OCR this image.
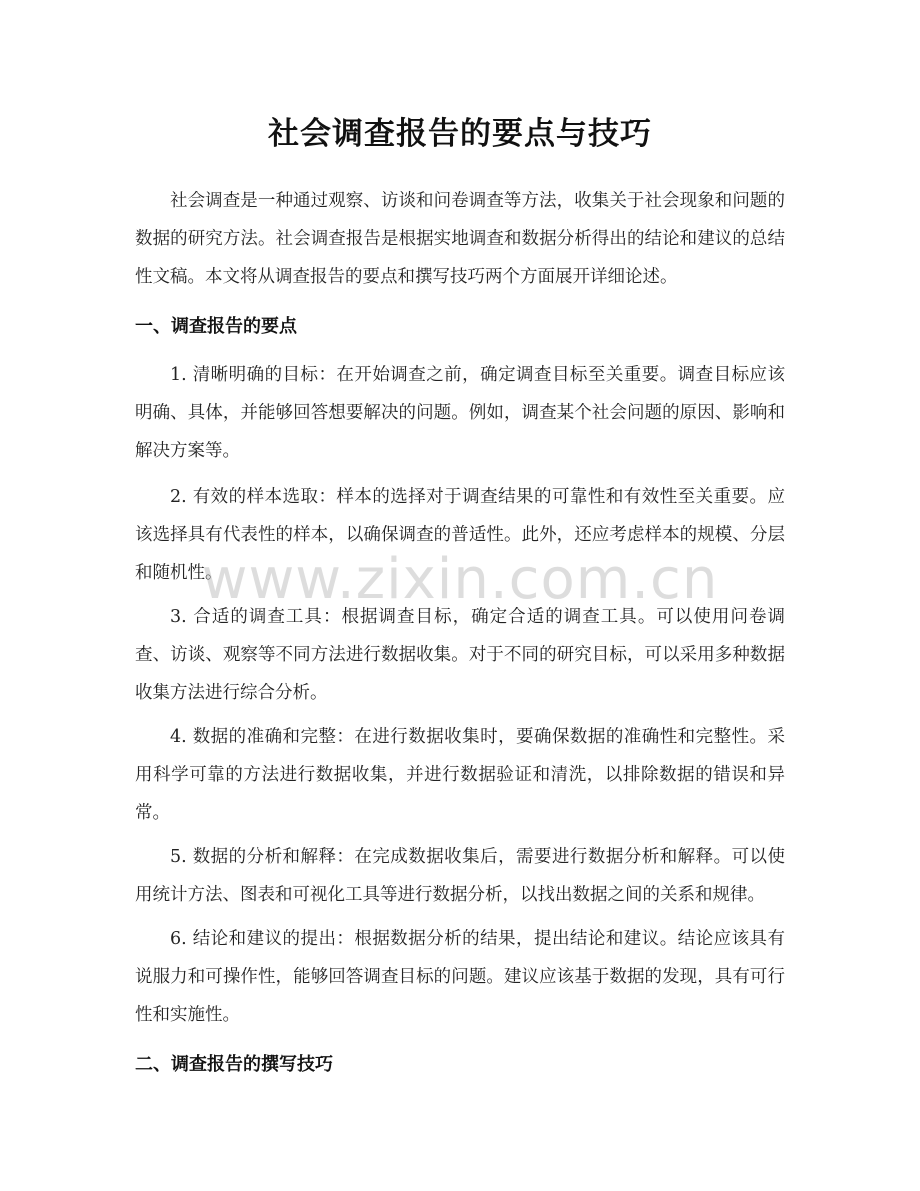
社会调查报告的要点与技巧

社会调查是一种通过观察、访谈和问卷调查等方法，收集关于社会现象和问题的数据的研究方法。社会调查报告是根据实地调查和数据分析得出的结论和建议的总结性文稿。本文将从调查报告的要点和撰写技巧两个方面展开详细论述。

一、调查报告的要点

1. 清晰明确的目标：在开始调查之前，确定调查目标至关重要。调查目标应该明确、具体，并能够回答想要解决的问题。例如，调查某个社会问题的原因、影响和解决方案等。

2. 有效的样本选取：样本的选择对于调查结果的可靠性和有效性至关重要。应该选择具有代表性的样本，以确保调查的普适性。此外，还应考虑样本的规模、分层和随机性。

3. 合适的调查工具：根据调查目标，确定合适的调查工具。可以使用问卷调查、访谈、观察等不同方法进行数据收集。对于不同的研究目标，可以采用多种数据收集方法进行综合分析。

4. 数据的准确和完整：在进行数据收集时，要确保数据的准确性和完整性。采用科学可靠的方法进行数据收集，并进行数据验证和清洗，以排除数据的错误和异常。

5. 数据的分析和解释：在完成数据收集后，需要进行数据分析和解释。可以使用统计方法、图表和可视化工具等进行数据分析，以找出数据之间的关系和规律。

6. 结论和建议的提出：根据数据分析的结果，提出结论和建议。结论应该具有说服力和可操作性，能够回答调查目标的问题。建议应该基于数据的发现，具有可行性和实施性。

二、调查报告的撰写技巧
www.zixin.com.cn
